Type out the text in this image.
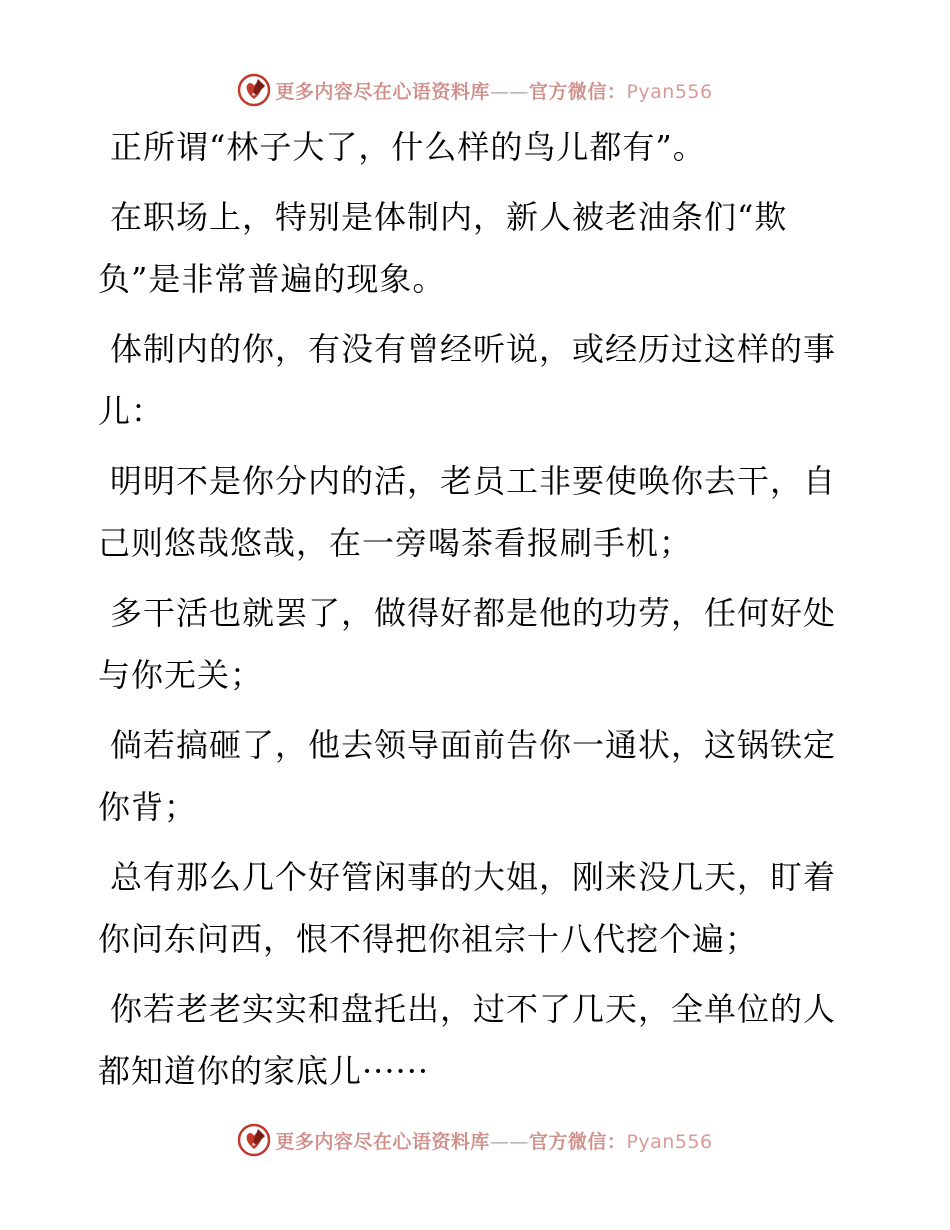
更多内容尽在心语资料库——官方微信：Pyan556

正所谓“林子大了，什么样的鸟儿都有”。

在职场上，特别是体制内，新人被老油条们“欺负”是非常普遍的现象。

体制内的你，有没有曾经听说，或经历过这样的事儿：

明明不是你分内的活，老员工非要使唤你去干，自己则悠哉悠哉，在一旁喝茶看报刷手机；

多干活也就罢了，做得好都是他的功劳，任何好处与你无关；

倘若搞砸了，他去领导面前告你一通状，这锅铁定你背；

总有那么几个好管闲事的大姐，刚来没几天，盯着你问东问西，恨不得把你祖宗十八代挖个遍；

你若老老实实和盘托出，过不了几天，全单位的人都知道你的家底儿······

更多内容尽在心语资料库——官方微信：Pyan556
